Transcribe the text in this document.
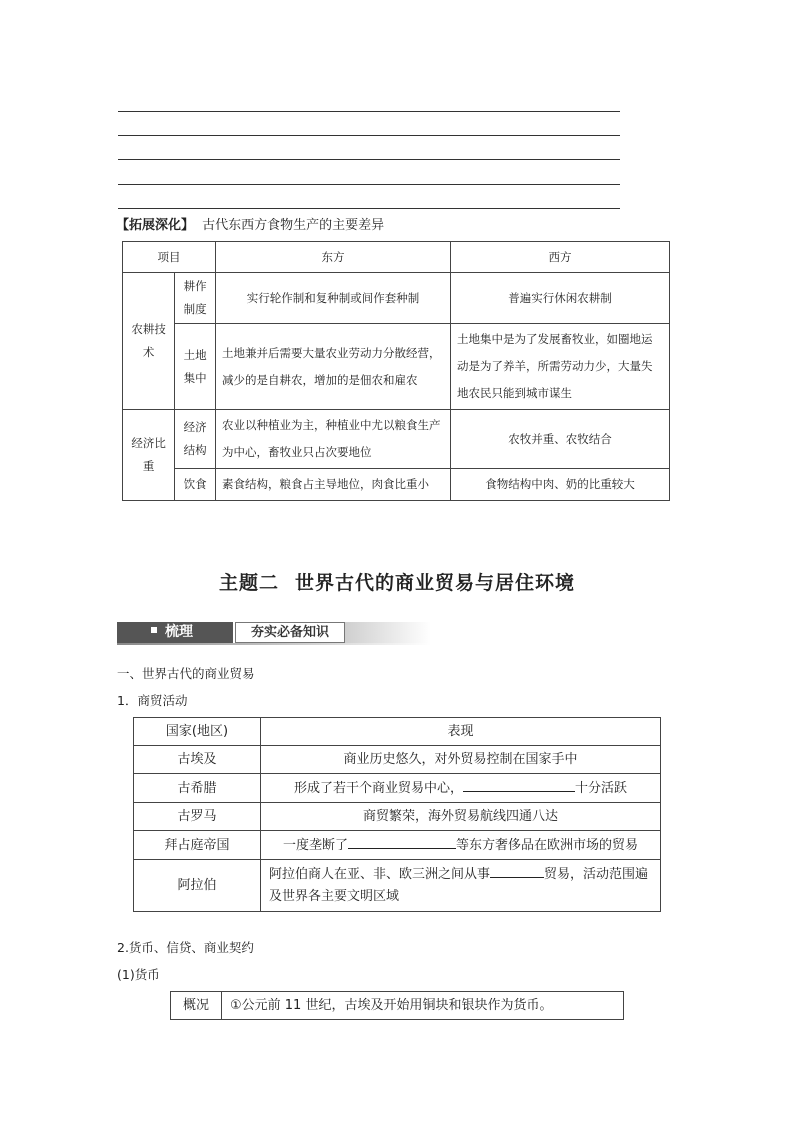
【拓展深化】 古代东西方食物生产的主要差异
项目		东方	西方
农耕技术	耕作制度	实行轮作制和复种制或间作套种制	普遍实行休闲农耕制
	土地集中	土地兼并后需要大量农业劳动力分散经营，减少的是自耕农，增加的是佃农和雇农	土地集中是为了发展畜牧业，如圈地运动是为了养羊，所需劳动力少，大量失地农民只能到城市谋生
经济比重	经济结构	农业以种植业为主，种植业中尤以粮食生产为中心，畜牧业只占次要地位	农牧并重、农牧结合
	饮食	素食结构，粮食占主导地位，肉食比重小	食物结构中肉、奶的比重较大
主题二 世界古代的商业贸易与居住环境
梳理	夯实必备知识
一、世界古代的商业贸易
1．商贸活动
国家(地区)	表现
古埃及	商业历史悠久，对外贸易控制在国家手中
古希腊	形成了若干个商业贸易中心， 十分活跃
古罗马	商贸繁荣，海外贸易航线四通八达
拜占庭帝国	一度垄断了 等东方奢侈品在欧洲市场的贸易
阿拉伯	阿拉伯商人在亚、非、欧三洲之间从事 贸易，活动范围遍及世界各主要文明区域
2.货币、信贷、商业契约
(1)货币
概况	①公元前 11 世纪，古埃及开始用铜块和银块作为货币。
